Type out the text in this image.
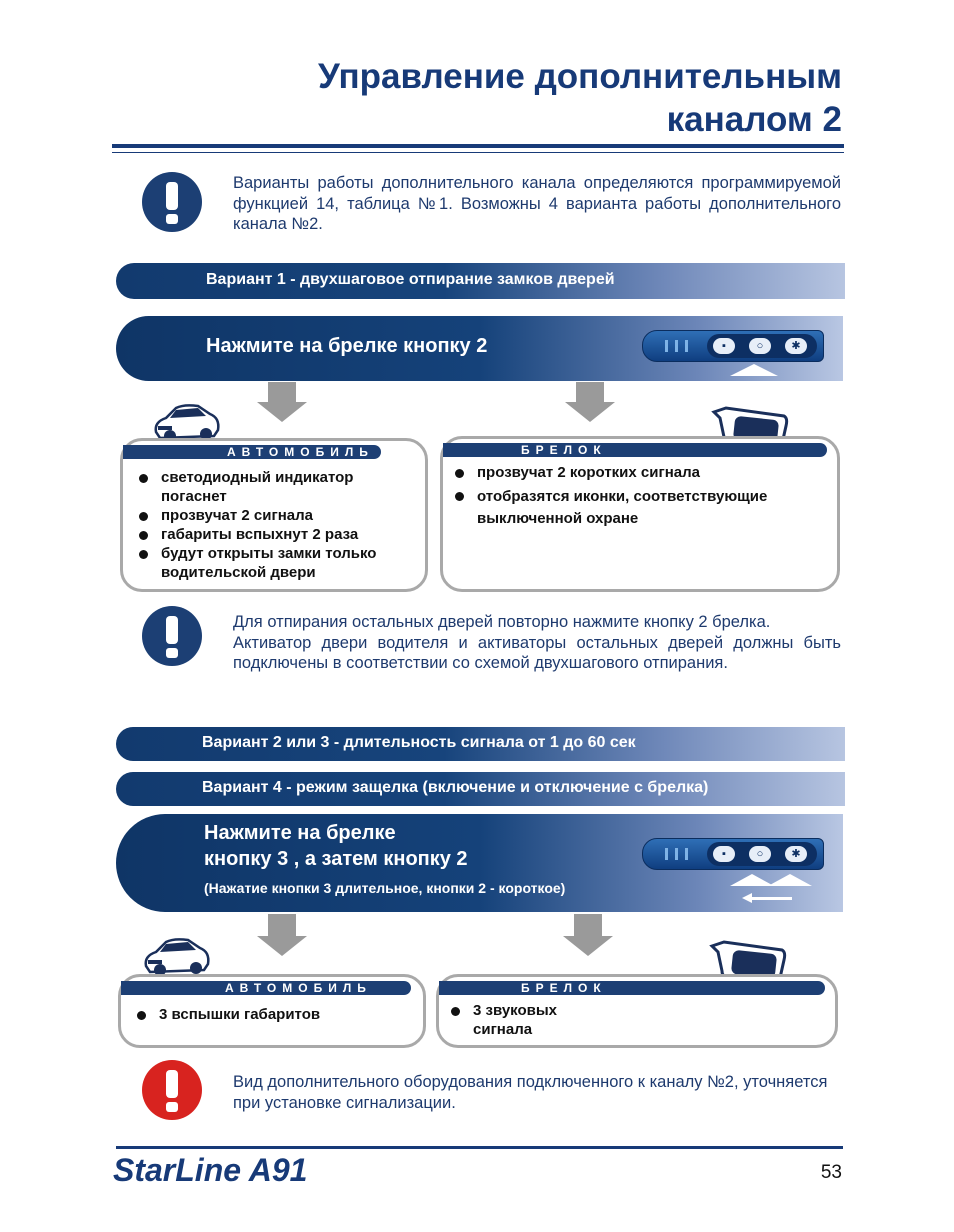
Управление дополнительным
каналом 2
Варианты работы дополнительного канала определяются программируемой функцией 14, таблица №1. Возможны 4 варианта работы дополнительного канала №2.
Вариант 1 - двухшаговое отпирание замков дверей
Нажмите на брелке кнопку 2	▪	○	✱
АВТОМОБИЛЬ
светодиодный индикатор погаснет
прозвучат 2 сигнала
габариты вспыхнут 2 раза
будут открыты замки только водительской двери
БРЕЛОК
прозвучат 2 коротких сигнала
отобразятся иконки, соответствующие выключенной охране

Для отпирания остальных дверей повторно нажмите кнопку 2 брелка.

Активатор двери водителя и активаторы остальных дверей должны быть подключены в соответствии со схемой двухшагового отпирания.

Вариант 2 или 3 - длительность сигнала от 1 до 60 сек
Вариант 4 - режим защелка (включение и отключение с брелка)
Нажмите на брелке
кнопку 3 , а затем кнопку 2
(Нажатие кнопки 3 длительное, кнопки 2 - короткое)
▪	○	✱
АВТОМОБИЛЬ
3 вспышки габаритов
БРЕЛОК
3 звуковых сигнала
Вид дополнительного оборудования подключенного к каналу №2, уточняется при установке сигнализации.
StarLine A91	53
